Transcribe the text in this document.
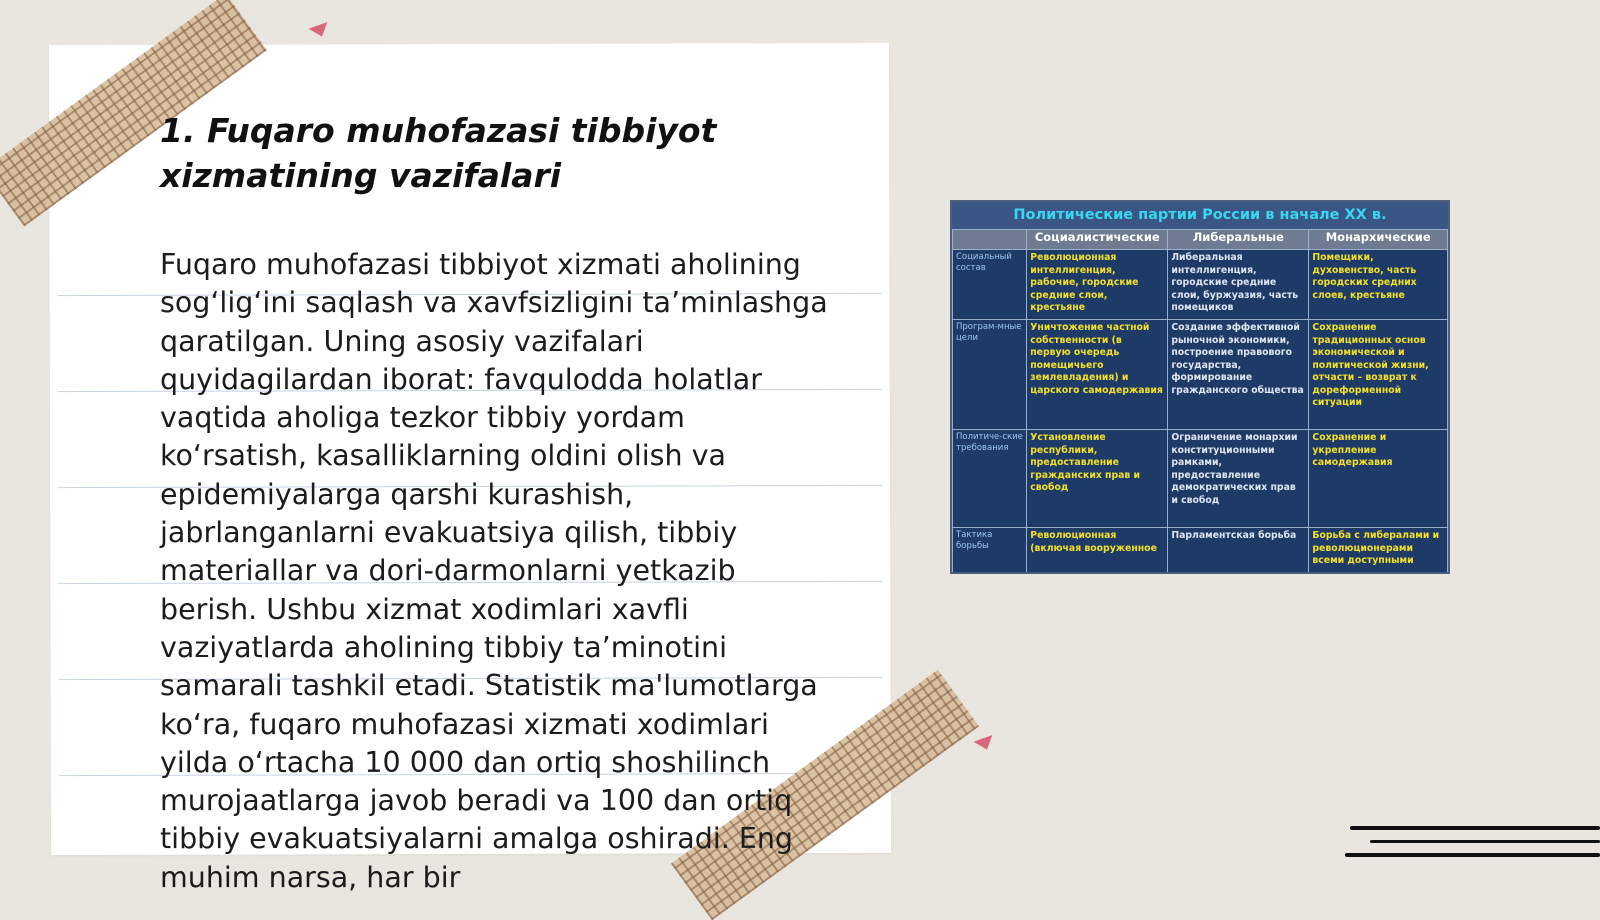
1. Fuqaro muhofazasi tibbiyot xizmatining vazifalari

Fuqaro muhofazasi tibbiyot xizmati aholining sog‘lig‘ini saqlash va xavfsizligini ta’minlashga qaratilgan. Uning asosiy vazifalari quyidagilardan iborat: favqulodda holatlar vaqtida aholiga tezkor tibbiy yordam ko‘rsatish, kasalliklarning oldini olish va epidemiyalarga qarshi kurashish, jabrlanganlarni evakuatsiya qilish, tibbiy materiallar va dori-darmonlarni yetkazib berish. Ushbu xizmat xodimlari xavfli vaziyatlarda aholining tibbiy ta’minotini samarali tashkil etadi. Statistik ma'lumotlarga ko‘ra, fuqaro muhofazasi xizmati xodimlari yilda o‘rtacha 10 000 dan ortiq shoshilinch murojaatlarga javob beradi va 100 dan ortiq tibbiy evakuatsiyalarni amalga oshiradi. Eng muhim narsa, har bir

Политические партии России в начале XX в.
	Социалистические	Либеральные	Монархические
Социальный состав	Революционная интеллигенция, рабочие, городские средние слои, крестьяне	Либеральная интеллигенция, городские средние слои, буржуазия, часть помещиков	Помещики, духовенство, часть городских средних слоев, крестьяне
Програм-мные цели	Уничтожение частной собственности (в первую очередь помещичьего землевладения) и царского самодержавия	Создание эффективной рыночной экономики, построение правового государства, формирование гражданского общества	Сохранение традиционных основ экономической и политической жизни, отчасти – возврат к дореформенной ситуации
Политиче-ские требования	Установление республики, предоставление гражданских прав и свобод	Ограничение монархии конституционными рамками, предоставление демократических прав и свобод	Сохранение и укрепление самодержавия
Тактика борьбы	Революционная (включая вооруженное	Парламентская борьба	Борьба с либералами и революционерами всеми доступными
